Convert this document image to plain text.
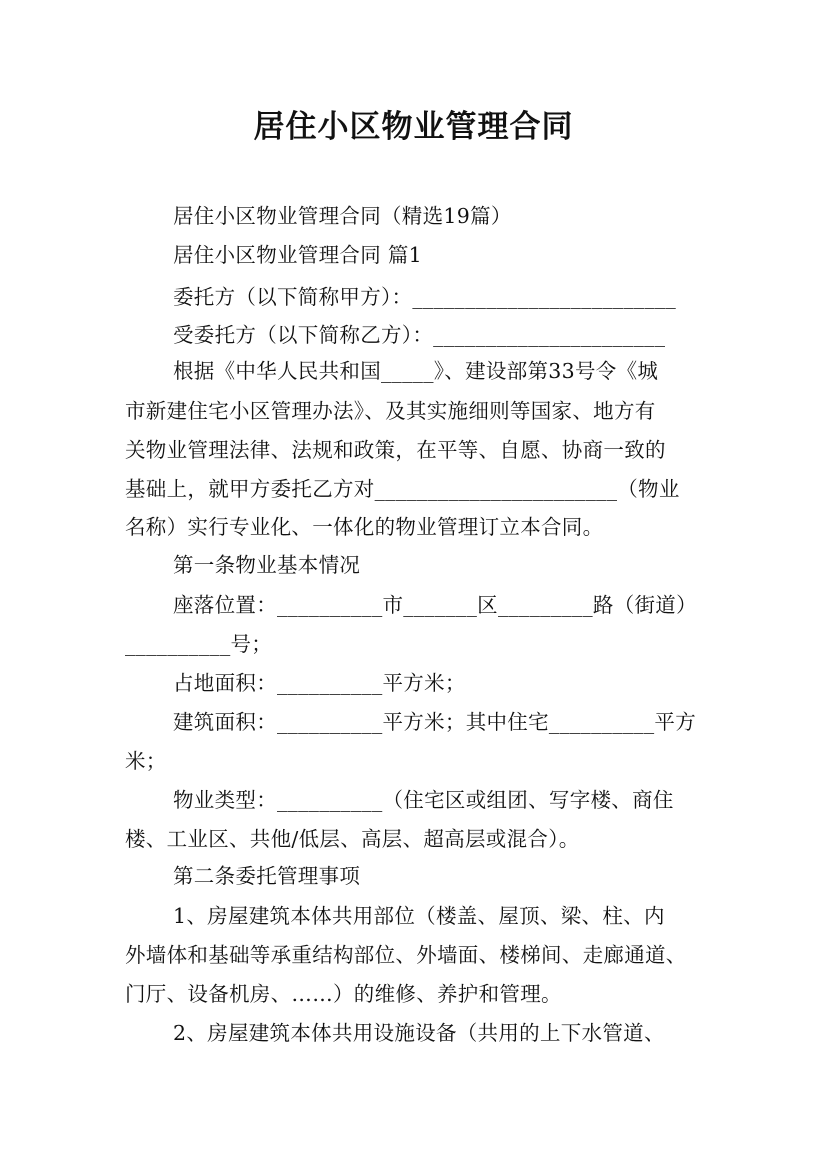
居住小区物业管理合同
居住小区物业管理合同（精选19篇）
居住小区物业管理合同 篇1
委托方（以下简称甲方）：_________________________
受委托方（以下简称乙方）：______________________
根据《中华人民共和国_____》、建设部第33号令《城
市新建住宅小区管理办法》、及其实施细则等国家、地方有
关物业管理法律、法规和政策，在平等、自愿、协商一致的
基础上，就甲方委托乙方对_______________________（物业
名称）实行专业化、一体化的物业管理订立本合同。
第一条物业基本情况
座落位置：__________市_______区_________路（街道）
__________号；
占地面积：__________平方米；
建筑面积：__________平方米；其中住宅__________平方
米；
物业类型：__________（住宅区或组团、写字楼、商住
楼、工业区、共他/低层、高层、超高层或混合）。
第二条委托管理事项
1、房屋建筑本体共用部位（楼盖、屋顶、梁、柱、内
外墙体和基础等承重结构部位、外墙面、楼梯间、走廊通道、
门厅、设备机房、……）的维修、养护和管理。
2、房屋建筑本体共用设施设备（共用的上下水管道、
